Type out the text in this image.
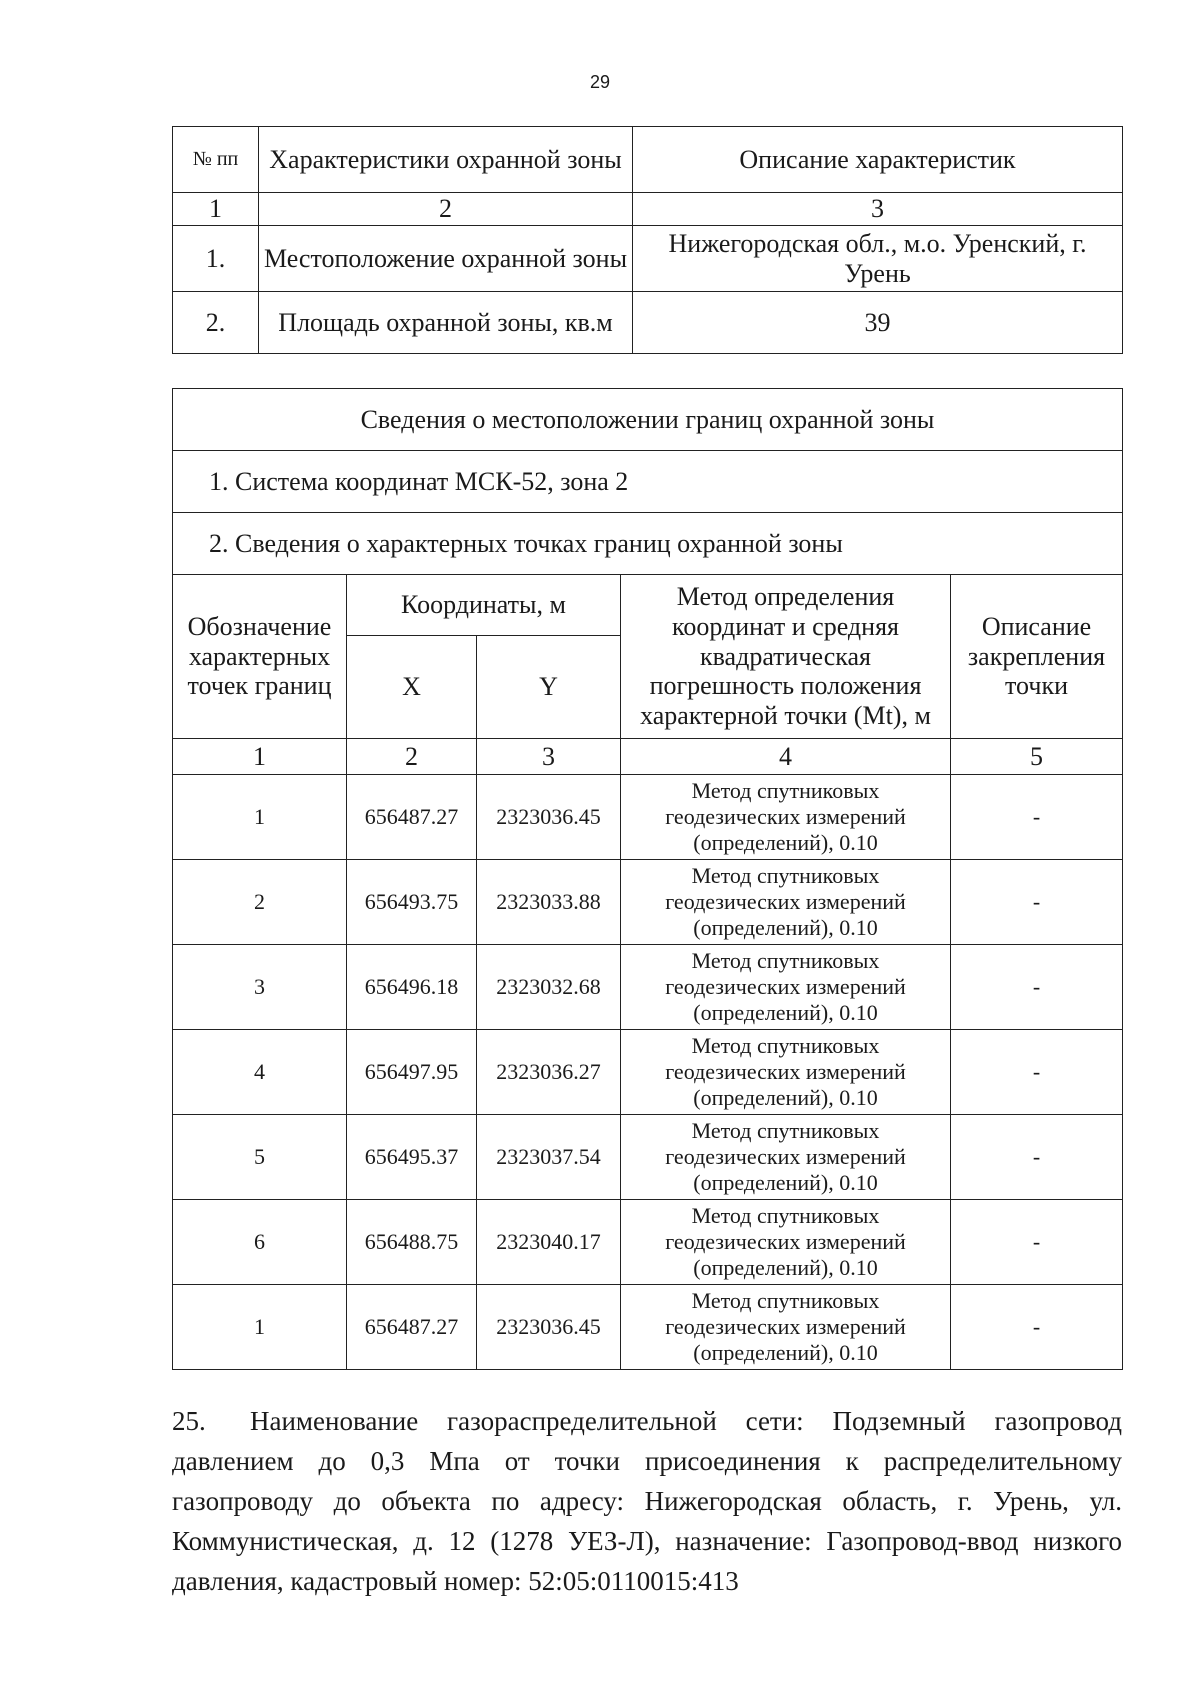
29
№ пп	Характеристики охранной зоны	Описание характеристик
1	2	3
1.	Местоположение охранной зоны	Нижегородская обл., м.о. Уренский, г. Урень
2.	Площадь охранной зоны, кв.м	39
Сведения о местоположении границ охранной зоны				
1. Система координат МСК-52, зона 2				
2. Сведения о характерных точках границ охранной зоны				
Обозначение характерных точек границ	Координаты, м		Метод определения координат и средняя квадратическая погрешность положения характерной точки (Mt), м	Описание закрепления точки
	X	Y		
1	2	3	4	5
1	656487.27	2323036.45	Метод спутниковых геодезических измерений (определений), 0.10	-
2	656493.75	2323033.88	Метод спутниковых геодезических измерений (определений), 0.10	-
3	656496.18	2323032.68	Метод спутниковых геодезических измерений (определений), 0.10	-
4	656497.95	2323036.27	Метод спутниковых геодезических измерений (определений), 0.10	-
5	656495.37	2323037.54	Метод спутниковых геодезических измерений (определений), 0.10	-
6	656488.75	2323040.17	Метод спутниковых геодезических измерений (определений), 0.10	-
1	656487.27	2323036.45	Метод спутниковых геодезических измерений (определений), 0.10	-
25. Наименование газораспределительной сети: Подземный газопровод давлением до 0,3 Мпа от точки присоединения к распределительному газопроводу до объекта по адресу: Нижегородская область, г. Урень, ул. Коммунистическая, д. 12 (1278 УЕЗ-Л), назначение: Газопровод-ввод низкого давления, кадастровый номер: 52:05:0110015:413
